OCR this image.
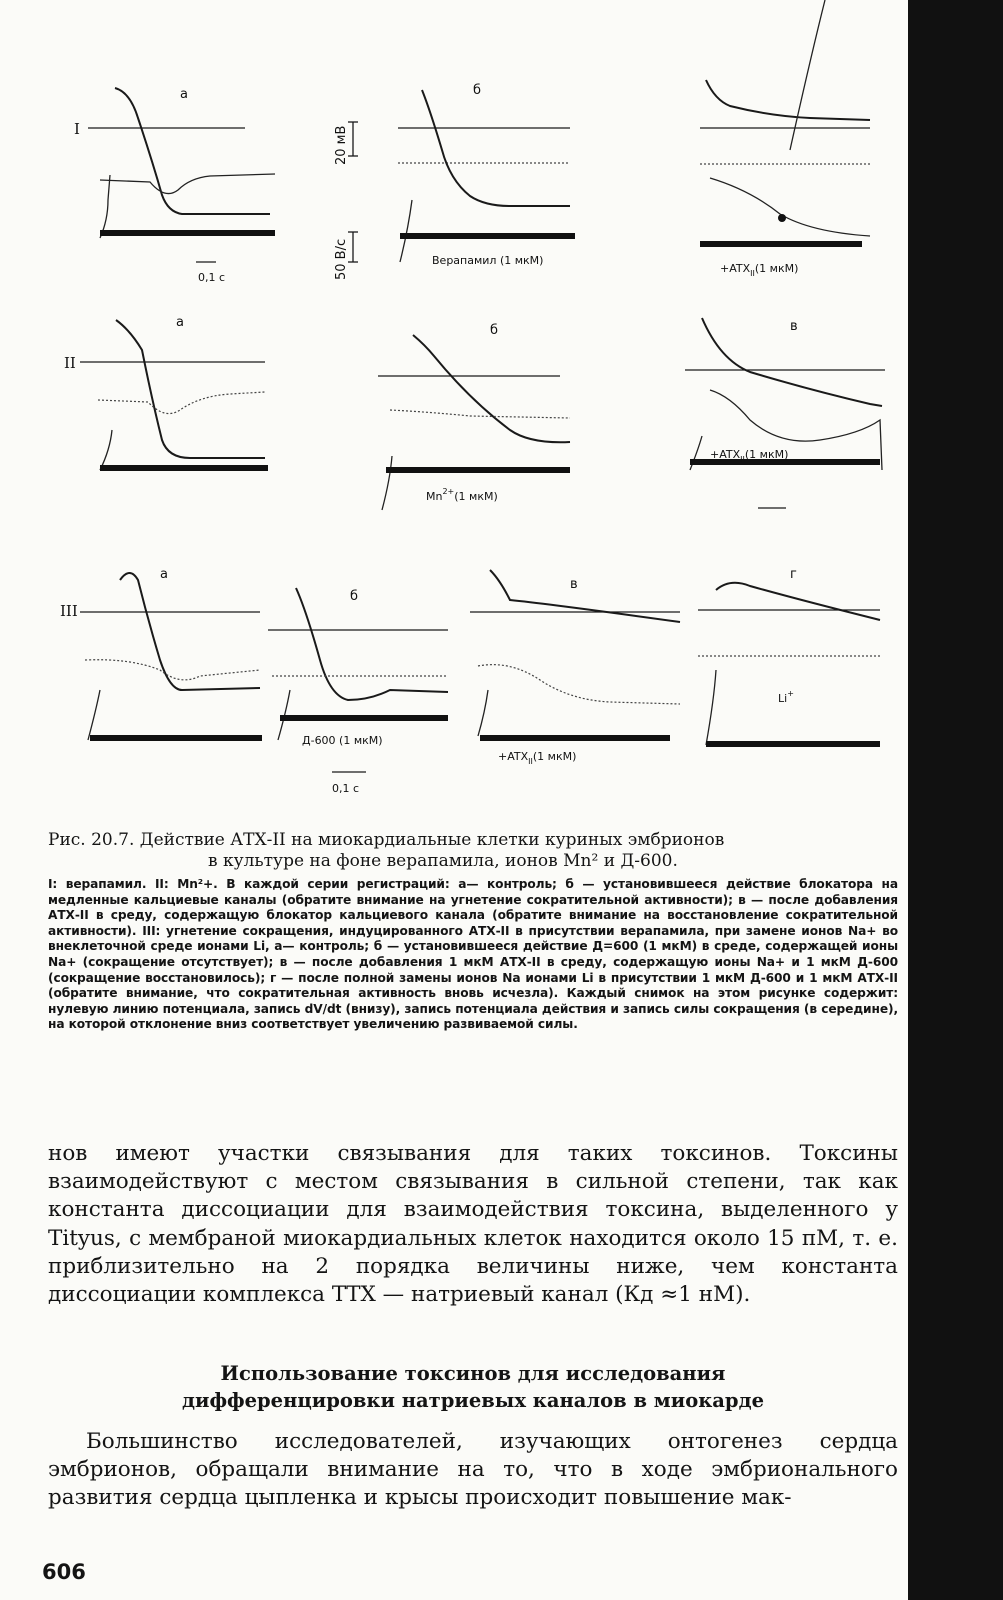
I
а
0,1 с
20 мВ
50 В/с
б
Верапамил (1 мкМ)
$+ATX_{II}(1$ мкМ)
II
а
б
$Mn^{2+}(1$ мкМ)
в
$+ATX_{II}(1$ мкМ)
III
а
б
Д-600 (1 мкМ)
0,1 с
в
$+ATX_{II}(1$ мкМ)
г
Li+

Рис. 20.7. Действие АТХ-II на миокардиальные клетки куриных эмбрионов
в культуре на фоне верапамила, ионов Mn² и Д-600.

I: верапамил. II: Mn²+. В каждой серии регистраций: а— контроль; б — установившееся действие блокатора на медленные кальциевые каналы (обратите внимание на угнетение сократительной активности); в — после добавления АТХ-II в среду, содержащую блокатор кальциевого канала (обратите внимание на восстановление сократительной активности). III: угнетение сокращения, индуцированного АТХ-II в присутствии верапамила, при замене ионов Na+ во внеклеточной среде ионами Li, а— контроль; б — установившееся действие Д=600 (1 мкМ) в среде, содержащей ионы Na+ (сокращение отсутствует); в — после добавления 1 мкМ АТХ-II в среду, содержащую ионы Na+ и 1 мкМ Д-600 (сокращение восстановилось); г — после полной замены ионов Na ионами Li в присутствии 1 мкМ Д-600 и 1 мкМ АТХ-II (обратите внимание, что сократительная активность вновь исчезла). Каждый снимок на этом рисунке содержит: нулевую линию потенциала, запись dV/dt (внизу), запись потенциала действия и запись силы сокращения (в середине), на которой отклонение вниз соответствует увеличению развиваемой силы.

нов имеют участки связывания для таких токсинов. Токсины взаимодействуют с местом связывания в сильной степени, так как константа диссоциации для взаимодействия токсина, выделенного у Tityus, с мембраной миокардиальных клеток находится около 15 пМ, т. е. приблизительно на 2 порядка величины ниже, чем константа диссоциации комплекса ТТХ — натриевый канал (Кд ≈1 нМ).

Использование токсинов для исследования
дифференцировки натриевых каналов в миокарде

Большинство исследователей, изучающих онтогенез сердца эмбрионов, обращали внимание на то, что в ходе эмбрионального развития сердца цыпленка и крысы происходит повышение мак-

606
